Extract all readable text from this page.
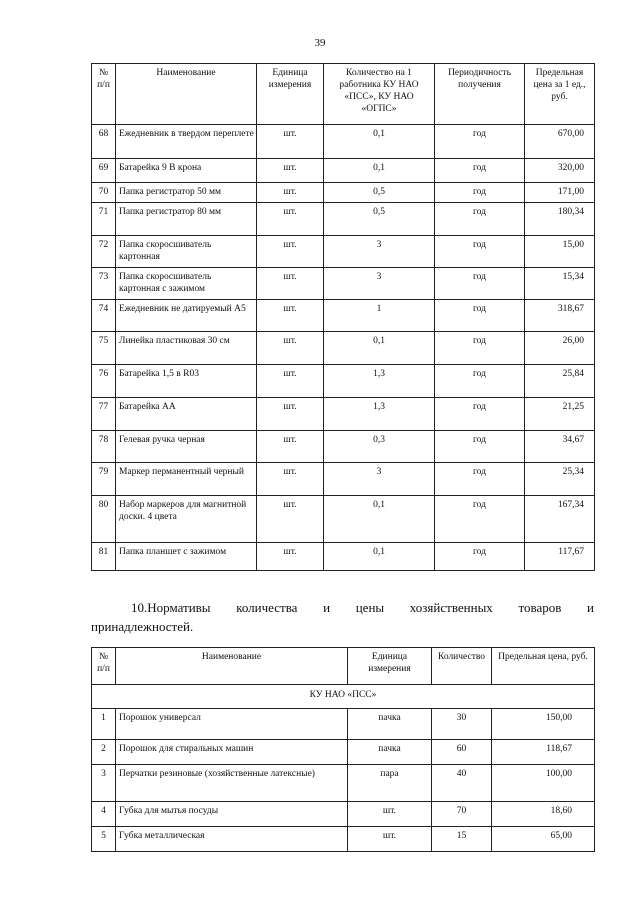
39
№ п/п	Наименование	Единица измерения	Количество на 1 работника КУ НАО «ПСС», КУ НАО «ОГПС»	Периодичность получения	Предельная цена за 1 ед., руб.
68	Ежедневник в твердом переплете	шт.	0,1	год	670,00
69	Батарейка 9 В крона	шт.	0,1	год	320,00
70	Папка регистратор 50 мм	шт.	0,5	год	171,00
71	Папка регистратор 80 мм	шт.	0,5	год	180,34
72	Папка скоросшиватель картонная	шт.	3	год	15,00
73	Папка скоросшиватель картонная с зажимом	шт.	3	год	15,34
74	Ежедневник не датируемый А5	шт.	1	год	318,67
75	Линейка пластиковая 30 см	шт.	0,1	год	26,00
76	Батарейка 1,5 в R03	шт.	1,3	год	25,84
77	Батарейка АА	шт.	1,3	год	21,25
78	Гелевая ручка черная	шт.	0,3	год	34,67
79	Маркер перманентный черный	шт.	3	год	25,34
80	Набор маркеров для магнитной доски. 4 цвета	шт.	0,1	год	167,34
81	Папка планшет с зажимом	шт.	0,1	год	117,67
10.Нормативы количества и цены хозяйственных товаров и
принадлежностей.
№ п/п	Наименование	Единица измерения	Количество	Предельная цена, руб.
КУ НАО «ПСС»				
1	Порошок универсал	пачка	30	150,00
2	Порошок для стиральных машин	пачка	60	118,67
3	Перчатки резиновые (хозяйственные латексные)	пара	40	100,00
4	Губка для мытья посуды	шт.	70	18,60
5	Губка металлическая	шт.	15	65,00
